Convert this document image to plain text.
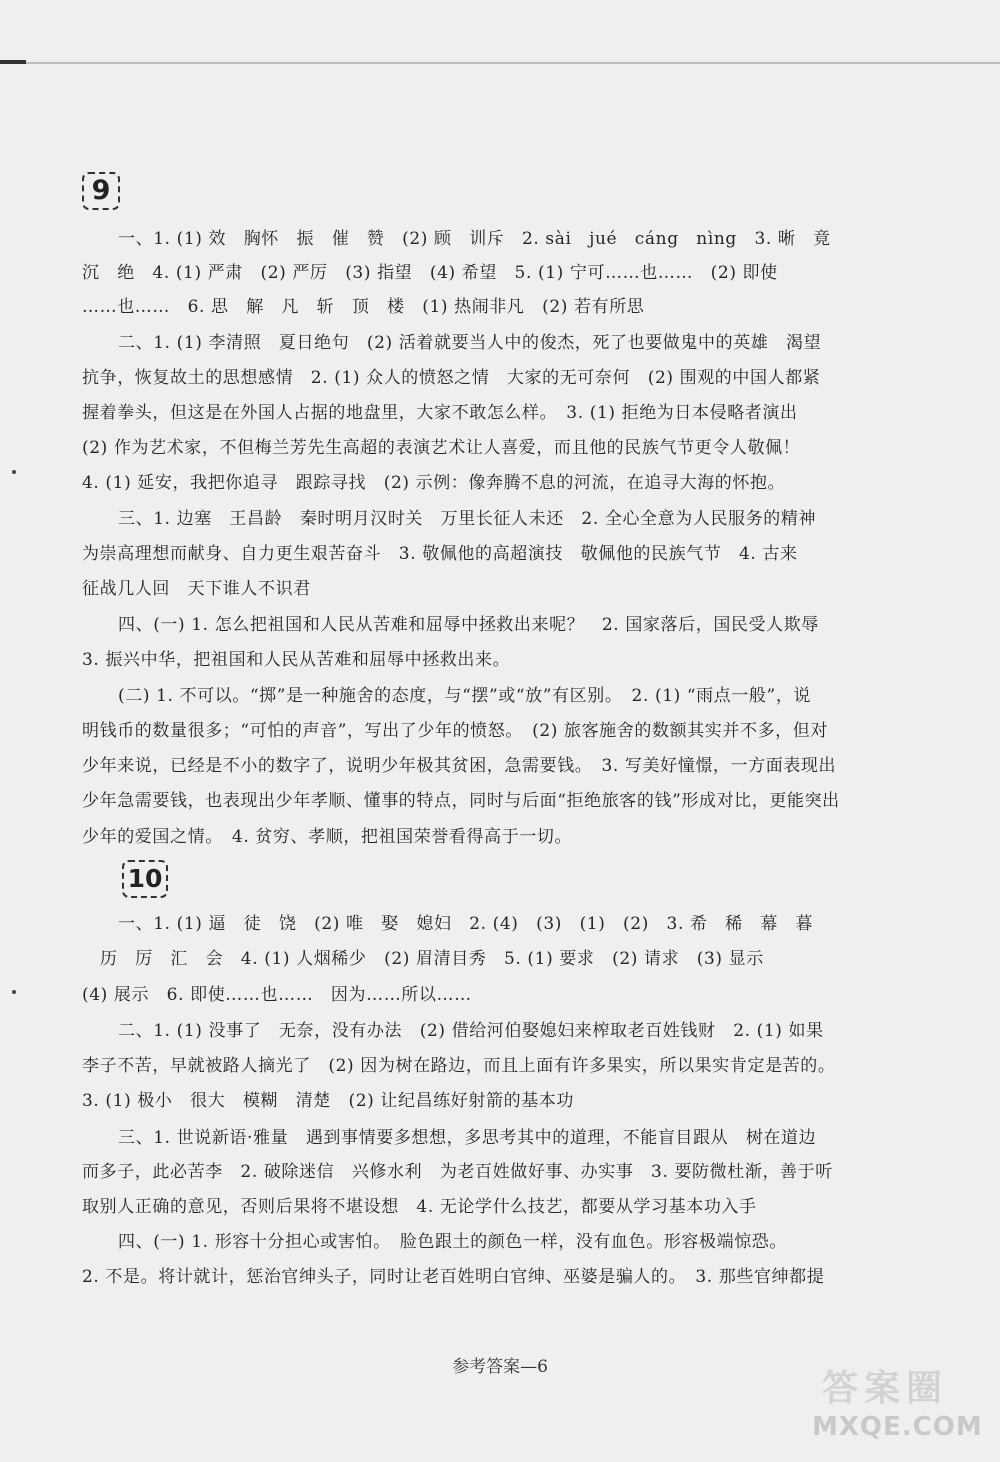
9
一、1. (1) 效　胸怀　振　催　赞　(2) 顾　训斥　2. sài　jué　cáng　nìng　3. 晰　竟
沉　绝　4. (1) 严肃　(2) 严厉　(3) 指望　(4) 希望　5. (1) 宁可……也……　(2) 即使
……也……　6. 思　解　凡　斩　顶　楼　(1) 热闹非凡　(2) 若有所思
二、1. (1) 李清照　夏日绝句　(2) 活着就要当人中的俊杰，死了也要做鬼中的英雄　渴望
抗争，恢复故土的思想感情　2. (1) 众人的愤怒之情　大家的无可奈何　(2) 围观的中国人都紧
握着拳头，但这是在外国人占据的地盘里，大家不敢怎么样。　3. (1) 拒绝为日本侵略者演出
(2) 作为艺术家，不但梅兰芳先生高超的表演艺术让人喜爱，而且他的民族气节更令人敬佩！
4. (1) 延安，我把你追寻　跟踪寻找　(2) 示例：像奔腾不息的河流，在追寻大海的怀抱。
三、1. 边塞　王昌龄　秦时明月汉时关　万里长征人未还　2. 全心全意为人民服务的精神
为崇高理想而献身、自力更生艰苦奋斗　3. 敬佩他的高超演技　敬佩他的民族气节　4. 古来
征战几人回　天下谁人不识君
四、(一) 1. 怎么把祖国和人民从苦难和屈辱中拯救出来呢？　2. 国家落后，国民受人欺辱
3. 振兴中华，把祖国和人民从苦难和屈辱中拯救出来。
(二) 1. 不可以。“掷”是一种施舍的态度，与“摆”或“放”有区别。　2. (1) “雨点一般”，说
明钱币的数量很多；“可怕的声音”，写出了少年的愤怒。　(2) 旅客施舍的数额其实并不多，但对
少年来说，已经是不小的数字了，说明少年极其贫困，急需要钱。　3. 写美好憧憬，一方面表现出
少年急需要钱，也表现出少年孝顺、懂事的特点，同时与后面“拒绝旅客的钱”形成对比，更能突出
少年的爱国之情。　4. 贫穷、孝顺，把祖国荣誉看得高于一切。
10
一、1. (1) 逼　徒　饶　(2) 唯　娶　媳妇　2. (4)　(3)　(1)　(2)　3. 希　稀　幕　暮
历　厉　汇　会　4. (1) 人烟稀少　(2) 眉清目秀　5. (1) 要求　(2) 请求　(3) 显示
(4) 展示　6. 即使……也……　因为……所以……
二、1. (1) 没事了　无奈，没有办法　(2) 借给河伯娶媳妇来榨取老百姓钱财　2. (1) 如果
李子不苦，早就被路人摘光了　(2) 因为树在路边，而且上面有许多果实，所以果实肯定是苦的。
3. (1) 极小　很大　模糊　清楚　(2) 让纪昌练好射箭的基本功
三、1. 世说新语·雅量　遇到事情要多想想，多思考其中的道理，不能盲目跟从　树在道边
而多子，此必苦李　2. 破除迷信　兴修水利　为老百姓做好事、办实事　3. 要防微杜渐，善于听
取别人正确的意见，否则后果将不堪设想　4. 无论学什么技艺，都要从学习基本功入手
四、(一) 1. 形容十分担心或害怕。　脸色跟土的颜色一样，没有血色。形容极端惊恐。
2. 不是。将计就计，惩治官绅头子，同时让老百姓明白官绅、巫婆是骗人的。　3. 那些官绅都提
参考答案—6
答案圈
MXQE.COM
